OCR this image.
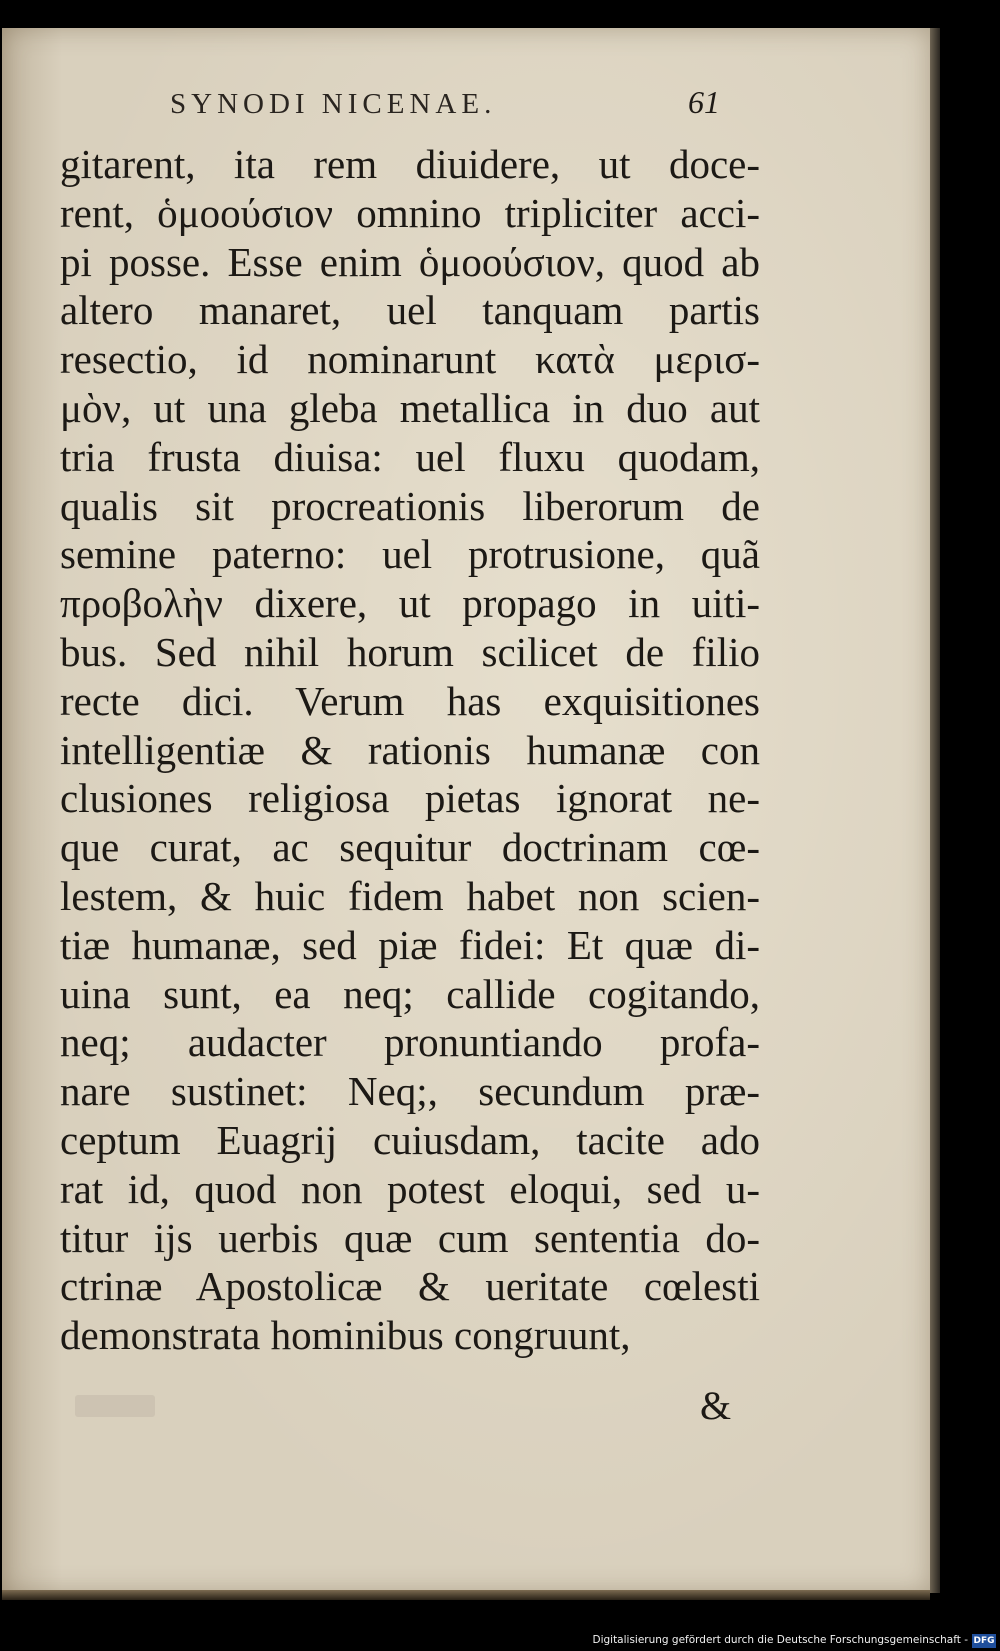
SYNODI NICENAE.	61
gitarent, ita rem diuidere, ut doce-
rent, ὁμοούσιον omnino tripliciter acci-
pi posse. Esse enim ὁμοούσιον, quod ab
altero manaret, uel tanquam partis
resectio, id nominarunt κατὰ μερισ-
μὸν, ut una gleba metallica in duo aut
tria frusta diuisa: uel fluxu quodam,
qualis sit procreationis liberorum de
semine paterno: uel protrusione, quã
προβολὴν dixere, ut propago in uiti-
bus. Sed nihil horum scilicet de filio
recte dici. Verum has exquisitiones
intelligentiæ & rationis humanæ con
clusiones religiosa pietas ignorat ne-
que curat, ac sequitur doctrinam cœ-
lestem, & huic fidem habet non scien-
tiæ humanæ, sed piæ fidei: Et quæ di-
uina sunt, ea neq; callide cogitando,
neq; audacter pronuntiando profa-
nare sustinet: Neq;, secundum præ-
ceptum Euagrij cuiusdam, tacite ado
rat id, quod non potest eloqui, sed u-
titur ijs uerbis quæ cum sententia do-
ctrinæ Apostolicæ & ueritate cœlesti
demonstrata hominibus congruunt,
&
Digitalisierung gefördert durch die Deutsche Forschungsgemeinschaft - DFG
